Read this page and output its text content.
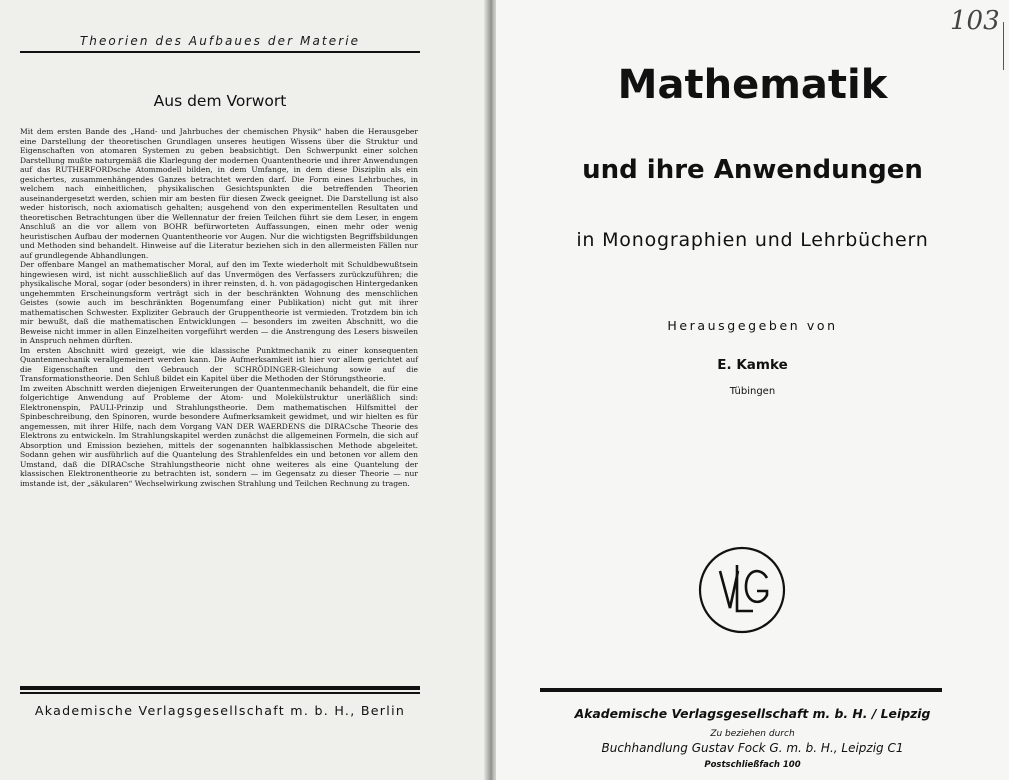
Theorien des Aufbaues der Materie
Aus dem Vorwort

Mit dem ersten Bande des „Hand- und Jahrbuches der chemischen Physik“ haben die Herausgeber eine Darstellung der theoretischen Grundlagen unseres heutigen Wissens über die Struktur und Eigenschaften von atomaren Systemen zu geben beabsichtigt. Den Schwerpunkt einer solchen Darstellung mußte naturgemäß die Klarlegung der modernen Quantentheorie und ihrer Anwendungen auf das RUTHERFORDsche Atommodell bilden, in dem Umfange, in dem diese Disziplin als ein gesichertes, zusammenhängendes Ganzes betrachtet werden darf. Die Form eines Lehrbuches, in welchem nach einheitlichen, physikalischen Gesichtspunkten die betreffenden Theorien auseinandergesetzt werden, schien mir am besten für diesen Zweck geeignet. Die Darstellung ist also weder historisch, noch axiomatisch gehalten; ausgehend von den experimentellen Resultaten und theoretischen Betrachtungen über die Wellennatur der freien Teilchen führt sie dem Leser, in engem Anschluß an die vor allem von BOHR befürworteten Auffassungen, einen mehr oder wenig heuristischen Aufbau der modernen Quantentheorie vor Augen. Nur die wichtigsten Begriffsbildungen und Methoden sind behandelt. Hinweise auf die Literatur beziehen sich in den allermeisten Fällen nur auf grundlegende Abhandlungen.

Der offenbare Mangel an mathematischer Moral, auf den im Texte wiederholt mit Schuldbewußtsein hingewiesen wird, ist nicht ausschließlich auf das Unvermögen des Verfassers zurückzuführen; die physikalische Moral, sogar (oder besonders) in ihrer reinsten, d. h. von pädagogischen Hintergedanken ungehemmten Erscheinungsform verträgt sich in der beschränkten Wohnung des menschlichen Geistes (sowie auch im beschränkten Bogenumfang einer Publikation) nicht gut mit ihrer mathematischen Schwester. Expliziter Gebrauch der Gruppentheorie ist vermieden. Trotzdem bin ich mir bewußt, daß die mathematischen Entwicklungen — besonders im zweiten Abschnitt, wo die Beweise nicht immer in allen Einzelheiten vorgeführt werden — die Anstrengung des Lesers bisweilen in Anspruch nehmen dürften.

Im ersten Abschnitt wird gezeigt, wie die klassische Punktmechanik zu einer konsequenten Quantenmechanik verallgemeinert werden kann. Die Aufmerksamkeit ist hier vor allem gerichtet auf die Eigenschaften und den Gebrauch der SCHRÖDINGER-Gleichung sowie auf die Transformationstheorie. Den Schluß bildet ein Kapitel über die Methoden der Störungstheorie.

Im zweiten Abschnitt werden diejenigen Erweiterungen der Quantenmechanik behandelt, die für eine folgerichtige Anwendung auf Probleme der Atom- und Molekülstruktur unerläßlich sind: Elektronenspin, PAULI-Prinzip und Strahlungstheorie. Dem mathematischen Hilfsmittel der Spinbeschreibung, den Spinoren, wurde besondere Aufmerksamkeit gewidmet, und wir hielten es für angemessen, mit ihrer Hilfe, nach dem Vorgang VAN DER WAERDENS die DIRACsche Theorie des Elektrons zu entwickeln. Im Strahlungskapitel werden zunächst die allgemeinen Formeln, die sich auf Absorption und Emission beziehen, mittels der sogenannten halbklassischen Methode abgeleitet. Sodann gehen wir ausführlich auf die Quantelung des Strahlenfeldes ein und betonen vor allem den Umstand, daß die DIRACsche Strahlungstheorie nicht ohne weiteres als eine Quantelung der klassischen Elektronentheorie zu betrachten ist, sondern — im Gegensatz zu dieser Theorie — nur imstande ist, der „säkularen“ Wechselwirkung zwischen Strahlung und Teilchen Rechnung zu tragen.

Akademische Verlagsgesellschaft m. b. H., Berlin
103
Mathematik
und ihre Anwendungen
in Monographien und Lehrbüchern
Herausgegeben von
E. Kamke
Tübingen
Akademische Verlagsgesellschaft m. b. H. / Leipzig
Zu beziehen durch
Buchhandlung Gustav Fock G. m. b. H., Leipzig C1
Postschließfach 100
